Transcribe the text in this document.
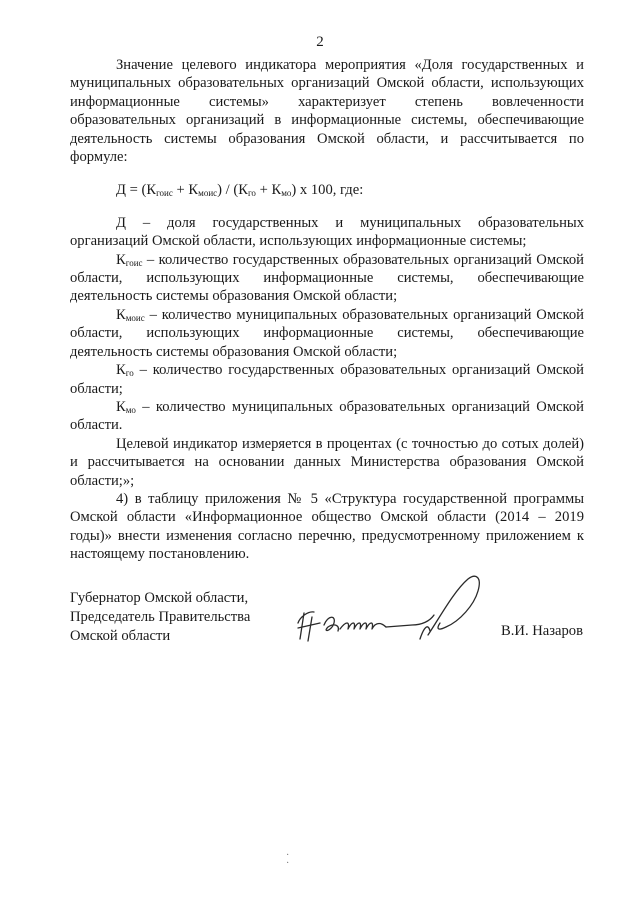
2

Значение целевого индикатора мероприятия «Доля государственных и муниципальных образовательных организаций Омской области, использующих информационные системы» характеризует степень вовлеченности образовательных организаций в информационные системы, обеспечивающие деятельность системы образования Омской области, и рассчитывается по формуле:

$Д = (К_{гоис} + К_{моис}) / (К_{го} + К_{мо})$ х 100, где:

Д – доля государственных и муниципальных образовательных организаций Омской области, использующих информационные системы;

$К_{гоис}$ – количество государственных образовательных организаций Омской области, использующих информационные системы, обеспечивающие деятельность системы образования Омской области;

$К_{моис}$ – количество муниципальных образовательных организаций Омской области, использующих информационные системы, обеспечивающие деятельность системы образования Омской области;

$К_{го}$ – количество государственных образовательных организаций Омской области;

$К_{мо}$ – количество муниципальных образовательных организаций Омской области.

Целевой индикатор измеряется в процентах (с точностью до сотых долей) и рассчитывается на основании данных Министерства образования Омской области;»;

4) в таблицу приложения № 5 «Структура государственной программы Омской области «Информационное общество Омской области (2014 – 2019 годы)» внести изменения согласно перечню, предусмотренному приложением к настоящему постановлению.

Губернатор Омской области,
Председатель Правительства
Омской области	В.И. Назаров
·
·
